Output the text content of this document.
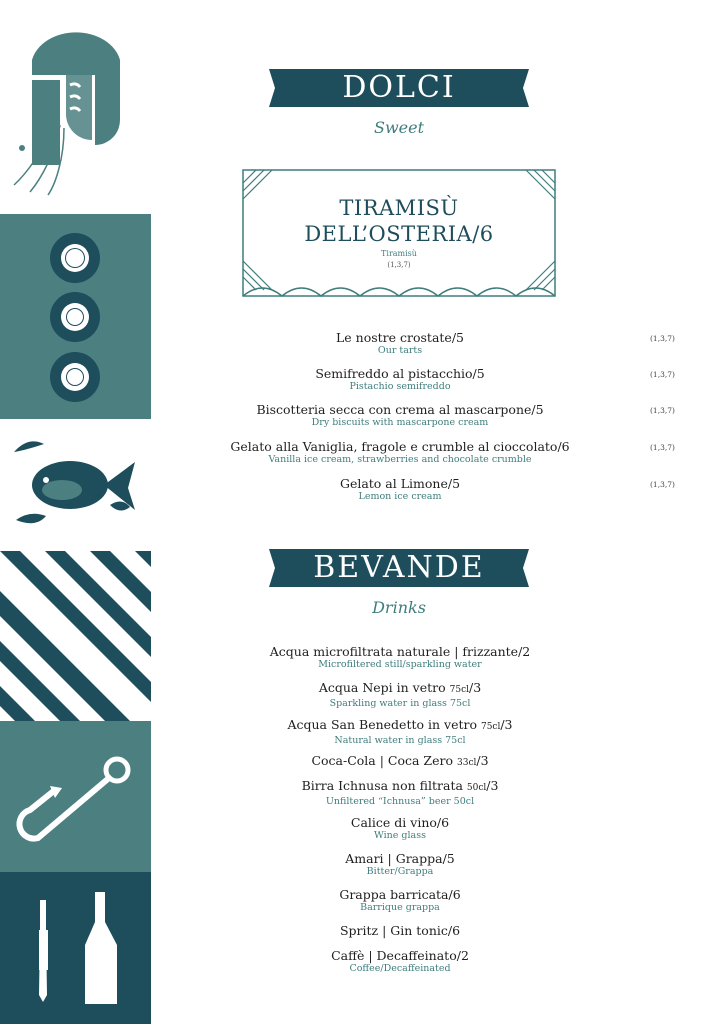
DOLCI
Sweet
TIRAMISÙ
DELL’OSTERIA/6
Tiramisù
(1,3,7)
Le nostre crostate/5
Our tarts
Semifreddo al pistacchio/5
Pistachio semifreddo
Biscotteria secca con crema al mascarpone/5
Dry biscuits with mascarpone cream
Gelato alla Vaniglia, fragole e crumble al cioccolato/6
Vanilla ice cream, strawberries and chocolate crumble
Gelato al Limone/5
Lemon ice cream
(1,3,7)
(1,3,7)
(1,3,7)
(1,3,7)
(1,3,7)
BEVANDE
Drinks
Acqua microfiltrata naturale | frizzante/2
Microfiltered still/sparkling water
Acqua Nepi in vetro 75cl/3
Sparkling water in glass 75cl
Acqua San Benedetto in vetro 75cl/3
Natural water in glass 75cl
Coca-Cola | Coca Zero 33cl/3
Birra Ichnusa non filtrata 50cl/3
Unfiltered “Ichnusa” beer 50cl
Calice di vino/6
Wine glass
Amari | Grappa/5
Bitter/Grappa
Grappa barricata/6
Barrique grappa
Spritz | Gin tonic/6
Caffè | Decaffeinato/2
Coffee/Decaffeinated
